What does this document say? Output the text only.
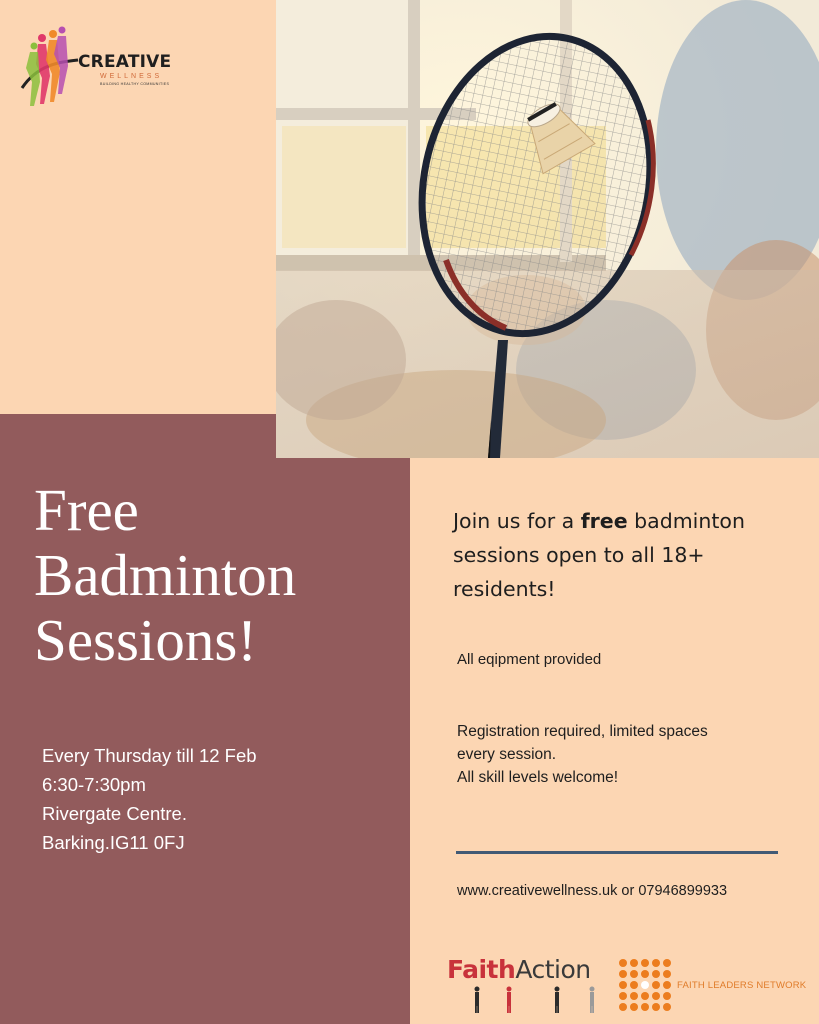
CREATIVE
WELLNESS
BUILDING HEALTHY COMMUNITIES
Free
Badminton
Sessions!
Every Thursday till 12 Feb
6:30-7:30pm
Rivergate Centre.
Barking.IG11 0FJ
Join us for a free badminton sessions open to all 18+ residents!
All eqipment provided
Registration required, limited spaces
every session.
All skill levels welcome!
www.creativewellness.uk or 07946899933
FaithAction
FAITH LEADERS NETWORK
